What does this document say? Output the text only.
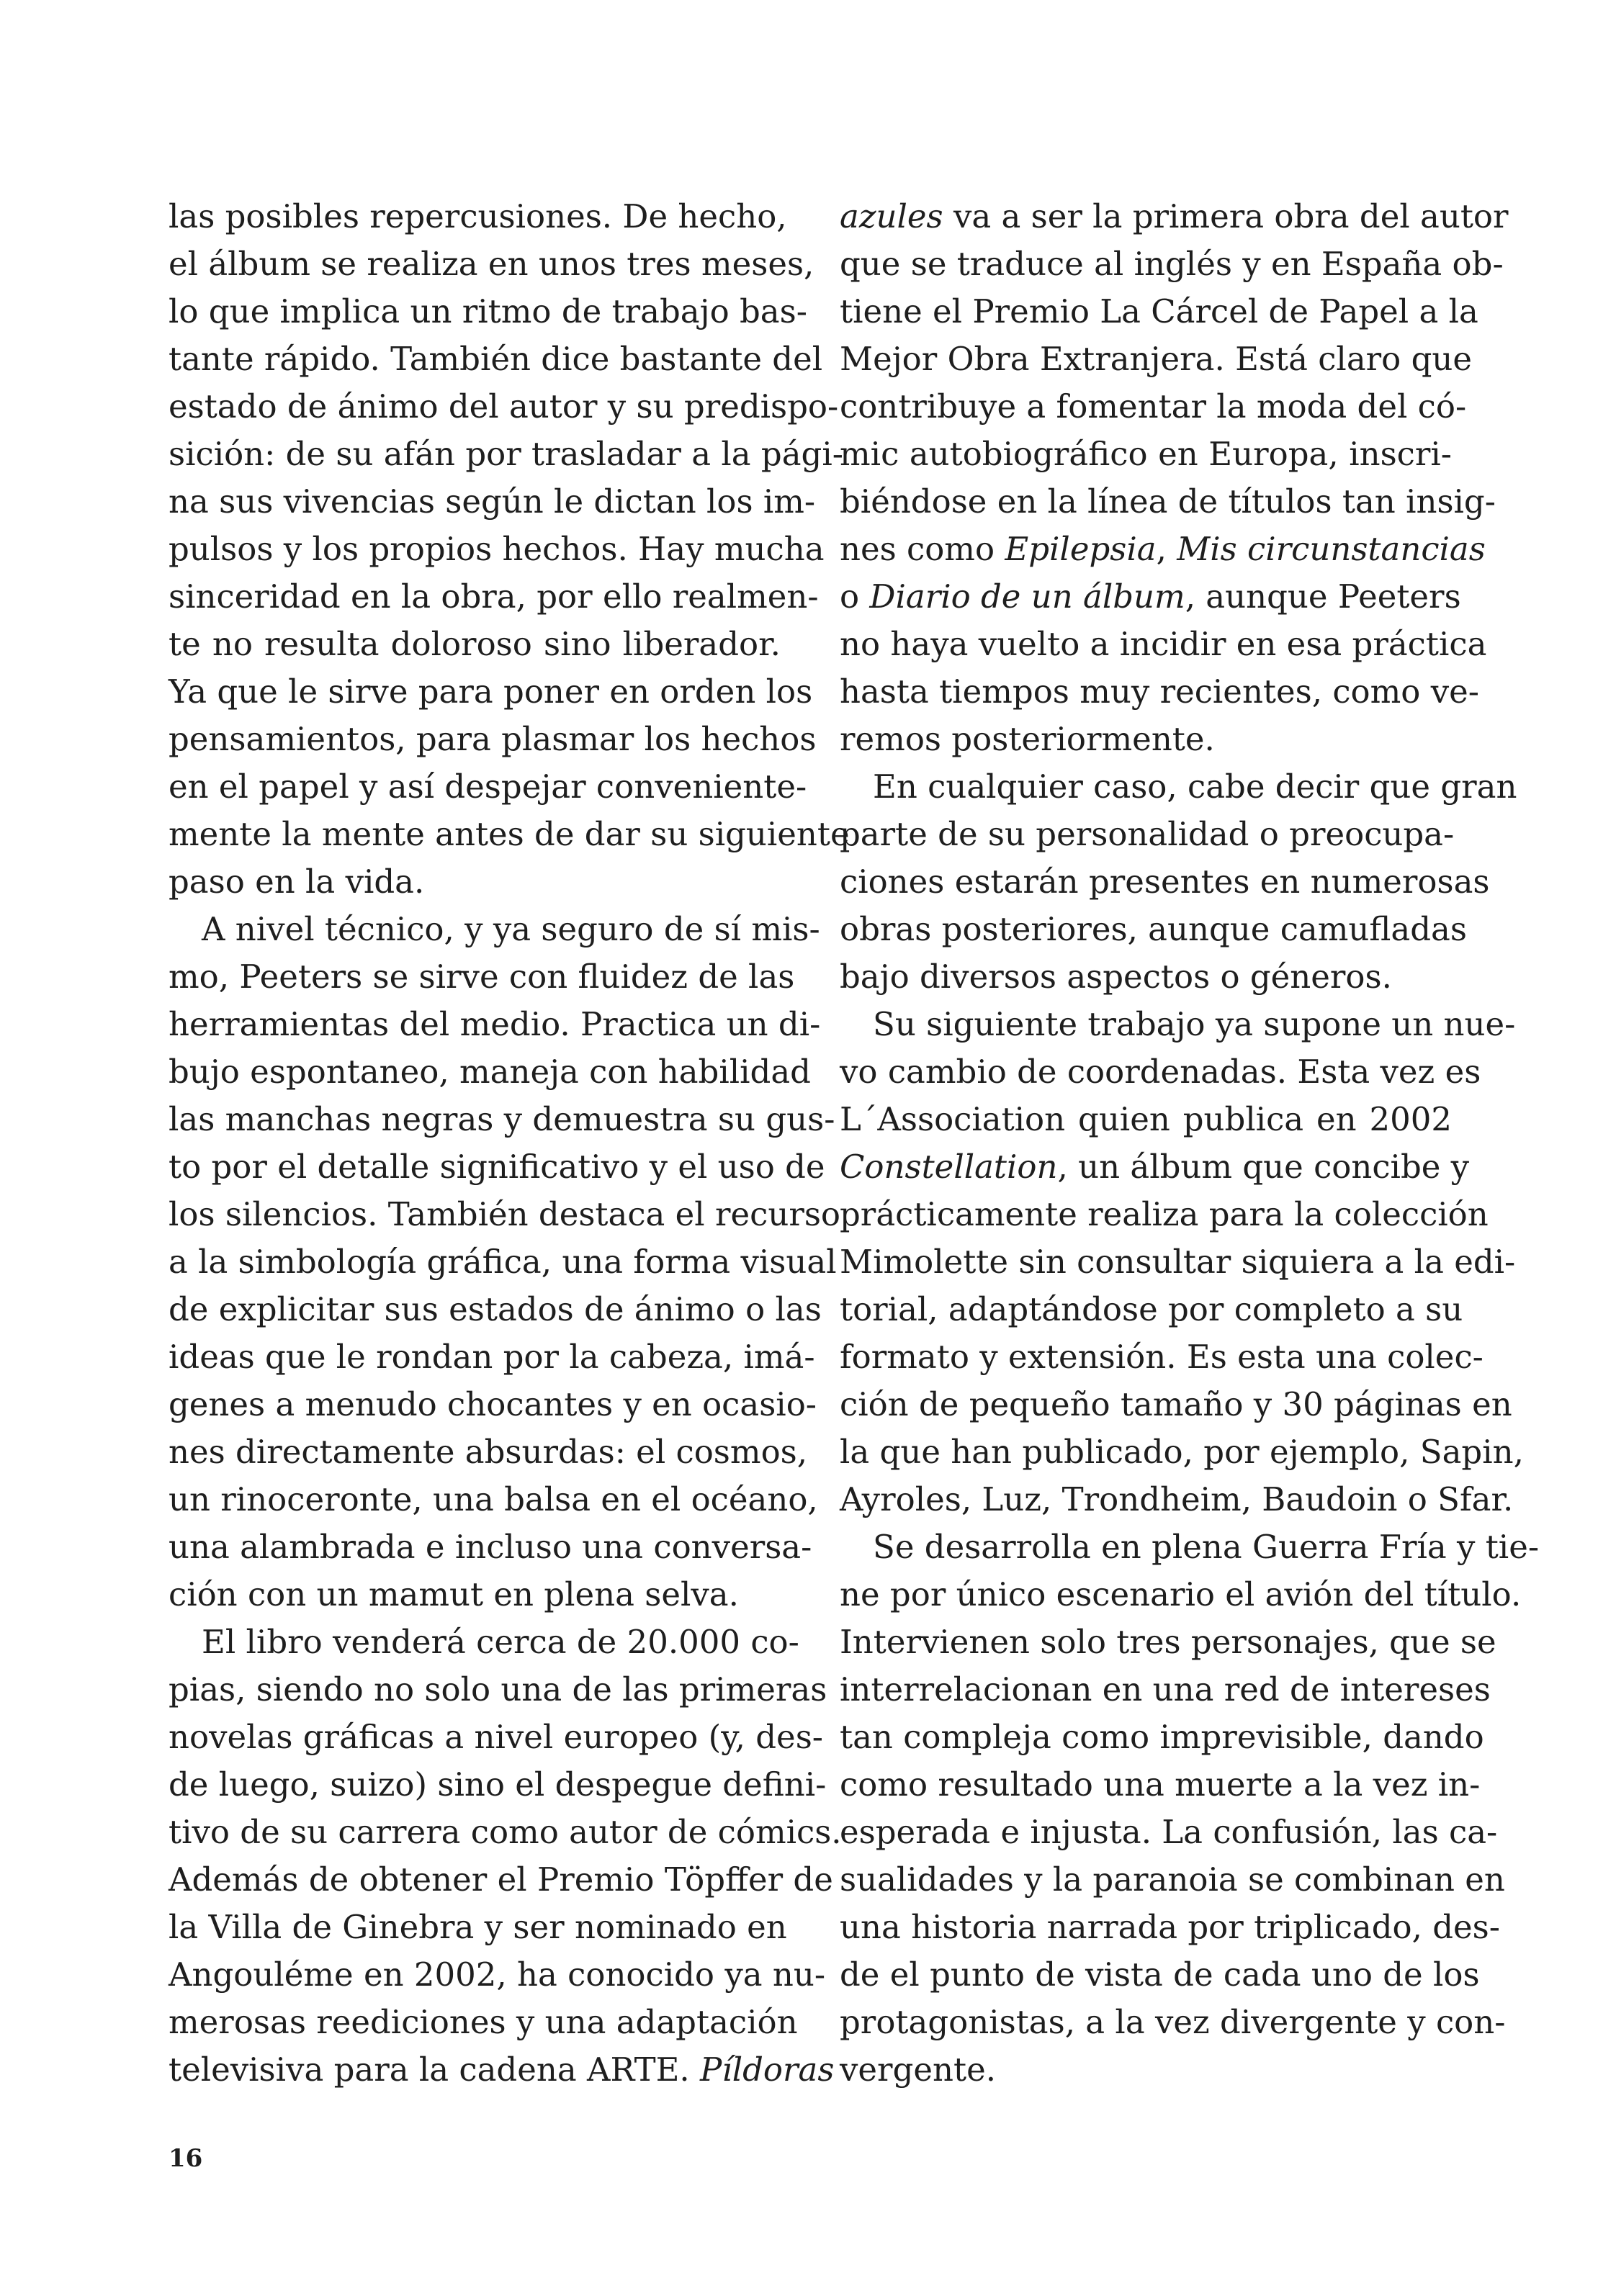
las posibles repercusiones. De hecho,
el álbum se realiza en unos tres meses,
lo que implica un ritmo de trabajo bas-
tante rápido. También dice bastante del
estado de ánimo del autor y su predispo-
sición: de su afán por trasladar a la pági-
na sus vivencias según le dictan los im-
pulsos y los propios hechos. Hay mucha
sinceridad en la obra, por ello realmen-
te no resulta doloroso sino liberador.
Ya que le sirve para poner en orden los
pensamientos, para plasmar los hechos
en el papel y así despejar conveniente-
mente la mente antes de dar su siguiente
paso en la vida.
A nivel técnico, y ya seguro de sí mis-
mo, Peeters se sirve con fluidez de las
herramientas del medio. Practica un di-
bujo espontaneo, maneja con habilidad
las manchas negras y demuestra su gus-
to por el detalle significativo y el uso de
los silencios. También destaca el recurso
a la simbología gráfica, una forma visual
de explicitar sus estados de ánimo o las
ideas que le rondan por la cabeza, imá-
genes a menudo chocantes y en ocasio-
nes directamente absurdas: el cosmos,
un rinoceronte, una balsa en el océano,
una alambrada e incluso una conversa-
ción con un mamut en plena selva.
El libro venderá cerca de 20.000 co-
pias, siendo no solo una de las primeras
novelas gráficas a nivel europeo (y, des-
de luego, suizo) sino el despegue defini-
tivo de su carrera como autor de cómics.
Además de obtener el Premio Töpffer de
la Villa de Ginebra y ser nominado en
Angouléme en 2002, ha conocido ya nu-
merosas reediciones y una adaptación
televisiva para la cadena ARTE. Píldoras
azules va a ser la primera obra del autor
que se traduce al inglés y en España ob-
tiene el Premio La Cárcel de Papel a la
Mejor Obra Extranjera. Está claro que
contribuye a fomentar la moda del có-
mic autobiográfico en Europa, inscri-
biéndose en la línea de títulos tan insig-
nes como Epilepsia, Mis circunstancias
o Diario de un álbum, aunque Peeters
no haya vuelto a incidir en esa práctica
hasta tiempos muy recientes, como ve-
remos posteriormente.
En cualquier caso, cabe decir que gran
parte de su personalidad o preocupa-
ciones estarán presentes en numerosas
obras posteriores, aunque camufladas
bajo diversos aspectos o géneros.
Su siguiente trabajo ya supone un nue-
vo cambio de coordenadas. Esta vez es
L´Association quien publica en 2002
Constellation, un álbum que concibe y
prácticamente realiza para la colección
Mimolette sin consultar siquiera a la edi-
torial, adaptándose por completo a su
formato y extensión. Es esta una colec-
ción de pequeño tamaño y 30 páginas en
la que han publicado, por ejemplo, Sapin,
Ayroles, Luz, Trondheim, Baudoin o Sfar.
Se desarrolla en plena Guerra Fría y tie-
ne por único escenario el avión del título.
Intervienen solo tres personajes, que se
interrelacionan en una red de intereses
tan compleja como imprevisible, dando
como resultado una muerte a la vez in-
esperada e injusta. La confusión, las ca-
sualidades y la paranoia se combinan en
una historia narrada por triplicado, des-
de el punto de vista de cada uno de los
protagonistas, a la vez divergente y con-
vergente.
16
